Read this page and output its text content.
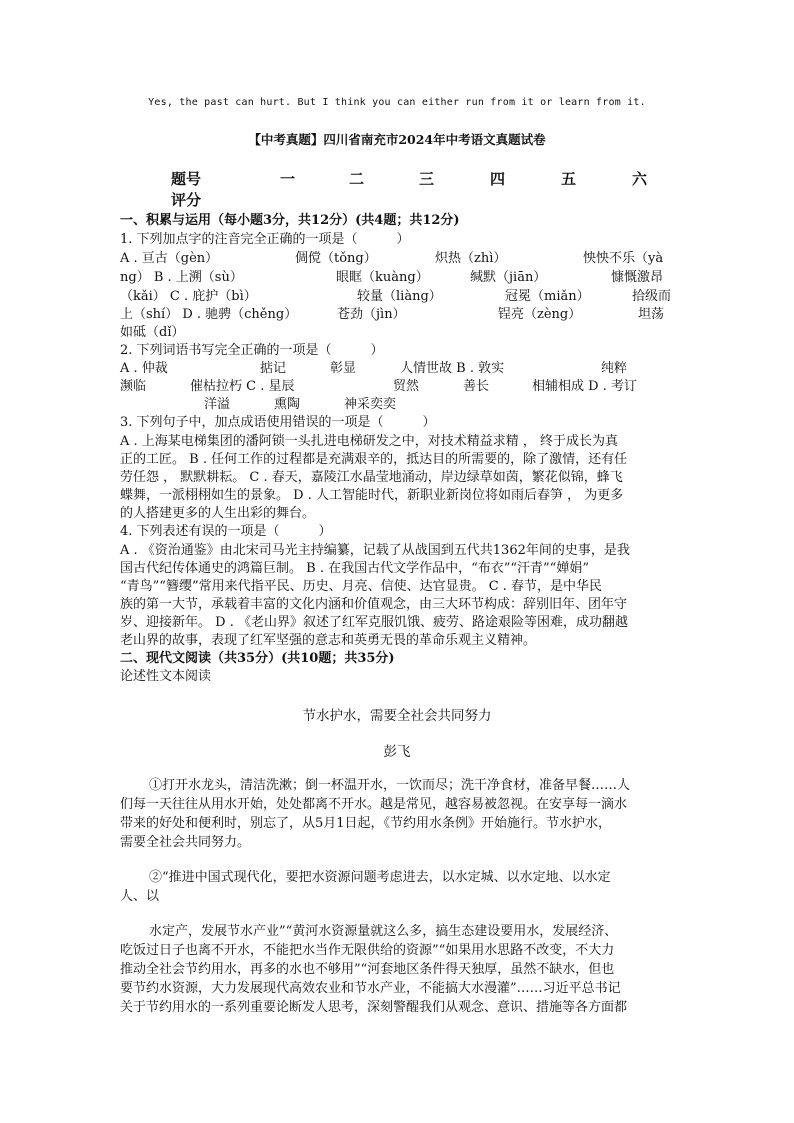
Yes, the past can hurt. But I think you can either run from it or learn from it.
【中考真题】四川省南充市2024年中考语文真题试卷
题号	一	二	三	四	五	六
评分
一、积累与运用（每小题3分，共12分）(共4题；共12分)
1. 下列加点字的注音完全正确的一项是（　　　）
A . 亘古（gèn）	倜傥（tǒng）	炽热（zhì）	怏怏不乐（yà
ng） B . 上溯（sù）	眼眶（kuàng）	缄默（jiān）	慷慨激昂
（kǎi） C . 庇护（bì）	较量（liàng）	冠冕（miǎn）	拾级而
上（shí） D . 驰骋（chěng）	苍劲（jìn）	锃亮（zèng）	坦荡
如砥（dǐ）
2. 下列词语书写完全正确的一项是（　　　）
A . 仲裁	掂记	彰显	人情世故 B . 敦实	纯粹
濒临	催枯拉朽 C . 星辰	贸然	善长	相辅相成 D . 考订
洋溢	熏陶	神采奕奕
3. 下列句子中，加点成语使用错误的一项是（　　　）
A . 上海某电梯集团的潘阿锁一头扎进电梯研发之中，对技术精益求精 ， 终于成长为真
正的工匠。 B . 任何工作的过程都是充满艰辛的，抵达目的所需要的，除了激情，还有任
劳任怨 ， 默默耕耘。 C . 春天，嘉陵江水晶莹地涌动，岸边绿草如茵，繁花似锦，蜂飞
蝶舞，一派栩栩如生的景象。 D . 人工智能时代，新职业新岗位将如雨后春笋 ， 为更多
的人搭建更多的人生出彩的舞台。
4. 下列表述有误的一项是（　　　）
A . 《资治通鉴》由北宋司马光主持编纂，记载了从战国到五代共1362年间的史事，是我
国古代纪传体通史的鸿篇巨制。 B . 在我国古代文学作品中，“布衣”“汗青”“婵娟”
“青鸟”“簪缨”常用来代指平民、历史、月亮、信使、达官显贵。 C . 春节，是中华民
族的第一大节，承载着丰富的文化内涵和价值观念，由三大环节构成：辞别旧年、团年守
岁、迎接新年。 D . 《老山界》叙述了红军克服饥饿、疲劳、路途艰险等困难，成功翻越
老山界的故事，表现了红军坚强的意志和英勇无畏的革命乐观主义精神。
二、现代文阅读（共35分）(共10题；共35分)
论述性文本阅读
节水护水，需要全社会共同努力
彭飞
①打开水龙头，清洁洗漱；倒一杯温开水，一饮而尽；洗干净食材，准备早餐……人
们每一天往往从用水开始，处处都离不开水。越是常见，越容易被忽视。在安享每一滴水
带来的好处和便利时，别忘了，从5月1日起，《节约用水条例》开始施行。节水护水，
需要全社会共同努力。
②“推进中国式现代化，要把水资源问题考虑进去，以水定城、以水定地、以水定
人、以
水定产，发展节水产业”“黄河水资源量就这么多，搞生态建设要用水，发展经济、
吃饭过日子也离不开水，不能把水当作无限供给的资源”“如果用水思路不改变，不大力
推动全社会节约用水，再多的水也不够用”“河套地区条件得天独厚，虽然不缺水，但也
要节约水资源，大力发展现代高效农业和节水产业，不能搞大水漫灌”……习近平总书记
关于节约用水的一系列重要论断发人思考，深刻警醒我们从观念、意识、措施等各方面都
